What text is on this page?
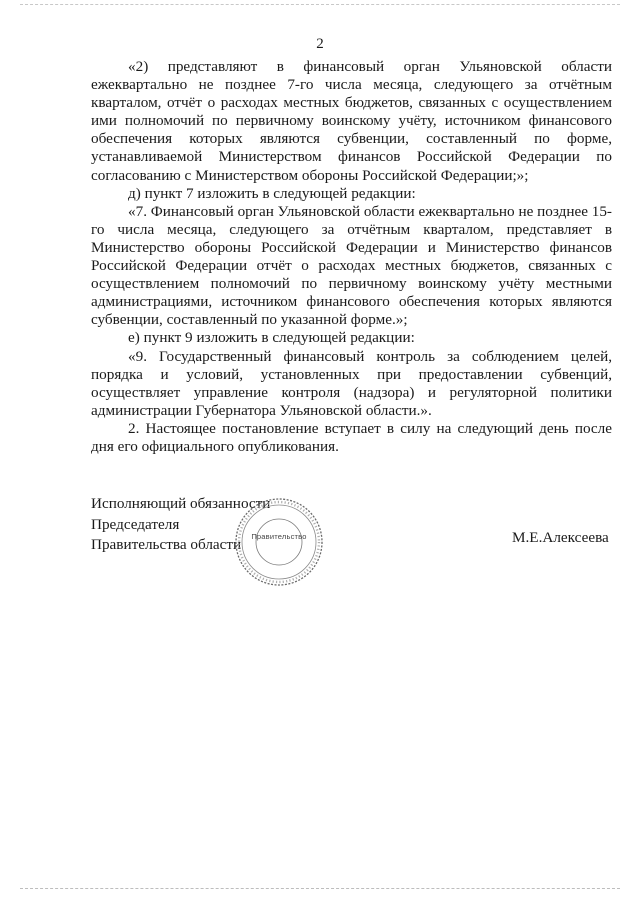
2

«2) представляют в финансовый орган Ульяновской области ежеквартально не позднее 7-го числа месяца, следующего за отчётным кварталом, отчёт о расходах местных бюджетов, связанных с осуществлением ими полномочий по первичному воинскому учёту, источником финансового обеспечения которых являются субвенции, составленный по форме, устанавливаемой Министерством финансов Российской Федерации по согласованию с Министерством обороны Российской Федерации;»;

д) пункт 7 изложить в следующей редакции:

«7. Финансовый орган Ульяновской области ежеквартально не позднее 15-го числа месяца, следующего за отчётным кварталом, представляет в Министерство обороны Российской Федерации и Министерство финансов Российской Федерации отчёт о расходах местных бюджетов, связанных с осуществлением полномочий по первичному воинскому учёту местными администрациями, источником финансового обеспечения которых являются субвенции, составленный по указанной форме.»;

е) пункт 9 изложить в следующей редакции:

«9. Государственный финансовый контроль за соблюдением целей, порядка и условий, установленных при предоставлении субвенций, осуществляет управление контроля (надзора) и регуляторной политики администрации Губернатора Ульяновской области.».

2. Настоящее постановление вступает в силу на следующий день после дня его официального опубликования.

Исполняющий обязанности
Председателя
Правительства области	Правительство	М.Е.Алексеева
